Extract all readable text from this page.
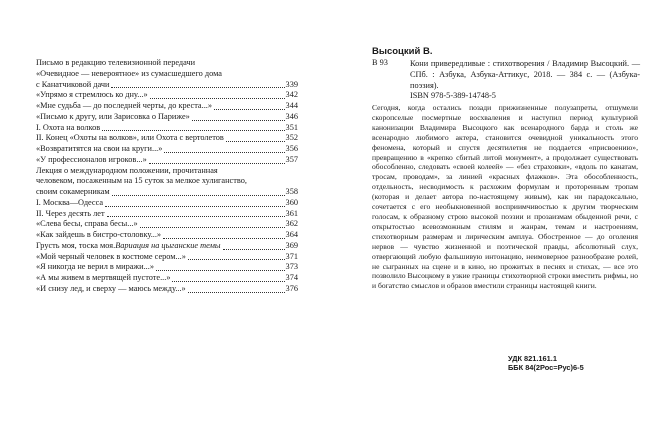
Письмо в редакцию телевизионной передачи
«Очевидное — невероятное» из сумасшедшего дома
с Канатчиковой дачи	339
«Упрямо я стремлюсь ко дну...»	342
«Мне судьба — до последней черты, до креста...»	344
«Письмо к другу, или Зарисовка о Париже»	346
I. Охота на волков	351
II. Конец «Охоты на волков», или Охота с вертолетов	352
«Возвратитятся на свои на круги...»	356
«У профессионалов игроков...»	357
Лекция о международном положении, прочитанная
человеком, посаженным на 15 суток за мелкое хулиганство,
своим сокамерникам	358
I. Москва—Одесса	360
II. Через десять лет	361
«Слева бесы, справа бесы...»	362
«Как зайдешь в бистро-столовку...»	364
Грусть моя, тоска моя. Вариация на цыганские темы	369
«Мой черный человек в костюме сером...»	371
«Я никогда не верил в миражи...»	373
«А мы живем в мертвящей пустоте...»	374
«И снизу лед, и сверху — маюсь между...»	376
Высоцкий В.
В 93	Кони привередливые : стихотворения / Владимир Высоцкий. — СПб. : Азбука, Азбука-Аттикус, 2018. — 384 с. — (Азбука-поэзия).
ISBN 978-5-389-14748-5
Сегодня, когда остались позади прижизненные полузапреты, отшумели скоропселые посмертные восхваления и наступил период культурной канонизации Владимира Высоцкого как всенародного барда и столь же всенародно любимого актера, становится очевидной уникальность этого феномена, который и спустя десятилетия не поддается «присвоению», превращению в «крепко сбитый литой монумент», а продолжает существовать обособленно, следовать «своей колеей» — «без страховки», «вдоль по канатам, тросам, проводам», за линией «красных флажков». Эта обособленность, отдельность, несводимость к расхожим формулам и проторенным тропам (которая и делает автора по-настоящему живым), как ни парадоксально, сочетается с его необыкновенной восприимчивостью к другим творческим голосам, к образному строю высокой поэзии и прозаизмам обыденной речи, с открытостью всевозможным стилям и жанрам, темам и настроениям, стихотворным размерам и лирическим амплуа. Обостренное — до оголения нервов — чувство жизненной и поэтической правды, абсолютный слух, отвергающий любую фальшивую интонацию, неимоверное разнообразие ролей, не сыгранных на сцене и в кино, но прожитых в песнях и стихах, — все это позволило Высоцкому в узкие границы стихотворной строки вместить рифмы, но и богатство смыслов и образов вместили страницы настоящей книги.
УДК 821.161.1
ББК 84(2Рос=Рус)6-5
